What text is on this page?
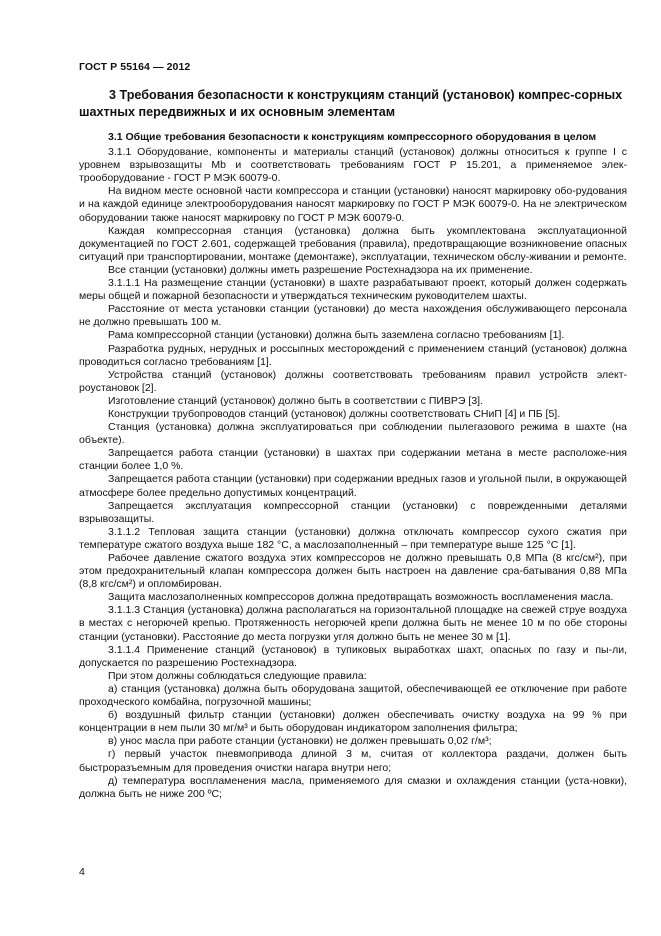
ГОСТ Р 55164 — 2012
3 Требования безопасности к конструкциям станций (установок) компрес-сорных шахтных передвижных и их основным элементам

3.1 Общие требования безопасности к конструкциям компрессорного оборудования в целом

3.1.1 Оборудование, компоненты и материалы станций (установок) должны относиться к группе I с уровнем взрывозащиты Mb и соответствовать требованиям ГОСТ Р 15.201, а применяемое элек-трооборудование - ГОСТ Р МЭК 60079-0.

На видном месте основной части компрессора и станции (установки) наносят маркировку обо-рудования и на каждой единице электрооборудования наносят маркировку по ГОСТ Р МЭК 60079-0. На не электрическом оборудовании также наносят маркировку по ГОСТ Р МЭК 60079-0.

Каждая компрессорная станция (установка) должна быть укомплектована эксплуатационной документацией по ГОСТ 2.601, содержащей требования (правила), предотвращающие возникновение опасных ситуаций при транспортировании, монтаже (демонтаже), эксплуатации, техническом обслу-живании и ремонте.

Все станции (установки) должны иметь разрешение Ростехнадзора на их применение.

3.1.1.1 На размещение станции (установки) в шахте разрабатывают проект, который должен содержать меры общей и пожарной безопасности и утверждаться техническим руководителем шахты.

Расстояние от места установки станции (установки) до места нахождения обслуживающего персонала не должно превышать 100 м.

Рама компрессорной станции (установки) должна быть заземлена согласно требованиям [1].

Разработка рудных, нерудных и россыпных месторождений с применением станций (установок) должна проводиться согласно требованиям [1].

Устройства станций (установок) должны соответствовать требованиям правил устройств элект-роустановок [2].

Изготовление станций (установок) должно быть в соответствии с ПИВРЭ [3].

Конструкции трубопроводов станций (установок) должны соответствовать СНиП [4] и ПБ [5].

Станция (установка) должна эксплуатироваться при соблюдении пылегазового режима в шахте (на объекте).

Запрещается работа станции (установки) в шахтах при содержании метана в месте расположе-ния станции более 1,0 %.

Запрещается работа станции (установки) при содержании вредных газов и угольной пыли, в окружающей атмосфере более предельно допустимых концентраций.

Запрещается эксплуатация компрессорной станции (установки) с поврежденными деталями взрывозащиты.

3.1.1.2 Тепловая защита станции (установки) должна отключать компрессор сухого сжатия при температуре сжатого воздуха выше 182 °С, а маслозаполненный – при температуре выше 125 °С [1].

Рабочее давление сжатого воздуха этих компрессоров не должно превышать 0,8 МПа (8 кгс/см²), при этом предохранительный клапан компрессора должен быть настроен на давление сра-батывания 0,88 МПа (8,8 кгс/см²) и опломбирован.

Защита маслозаполненных компрессоров должна предотвращать возможность воспламенения масла.

3.1.1.3 Станция (установка) должна располагаться на горизонтальной площадке на свежей струе воздуха в местах с негорючей крепью. Протяженность негорючей крепи должна быть не менее 10 м по обе стороны станции (установки). Расстояние до места погрузки угля должно быть не менее 30 м [1].

3.1.1.4 Применение станций (установок) в тупиковых выработках шахт, опасных по газу и пы-ли, допускается по разрешению Ростехнадзора.

При этом должны соблюдаться следующие правила:

а) станция (установка) должна быть оборудована защитой, обеспечивающей ее отключение при работе проходческого комбайна, погрузочной машины;

б) воздушный фильтр станции (установки) должен обеспечивать очистку воздуха на 99 % при концентрации в нем пыли 30 мг/м³ и быть оборудован индикатором заполнения фильтра;

в) унос масла при работе станции (установки) не должен превышать 0,02 г/м³;

г) первый участок пневмопривода длиной 3 м, считая от коллектора раздачи, должен быть быстроразъемным для проведения очистки нагара внутри него;

д) температура воспламенения масла, применяемого для смазки и охлаждения станции (уста-новки), должна быть не ниже 200 ºС;

4
